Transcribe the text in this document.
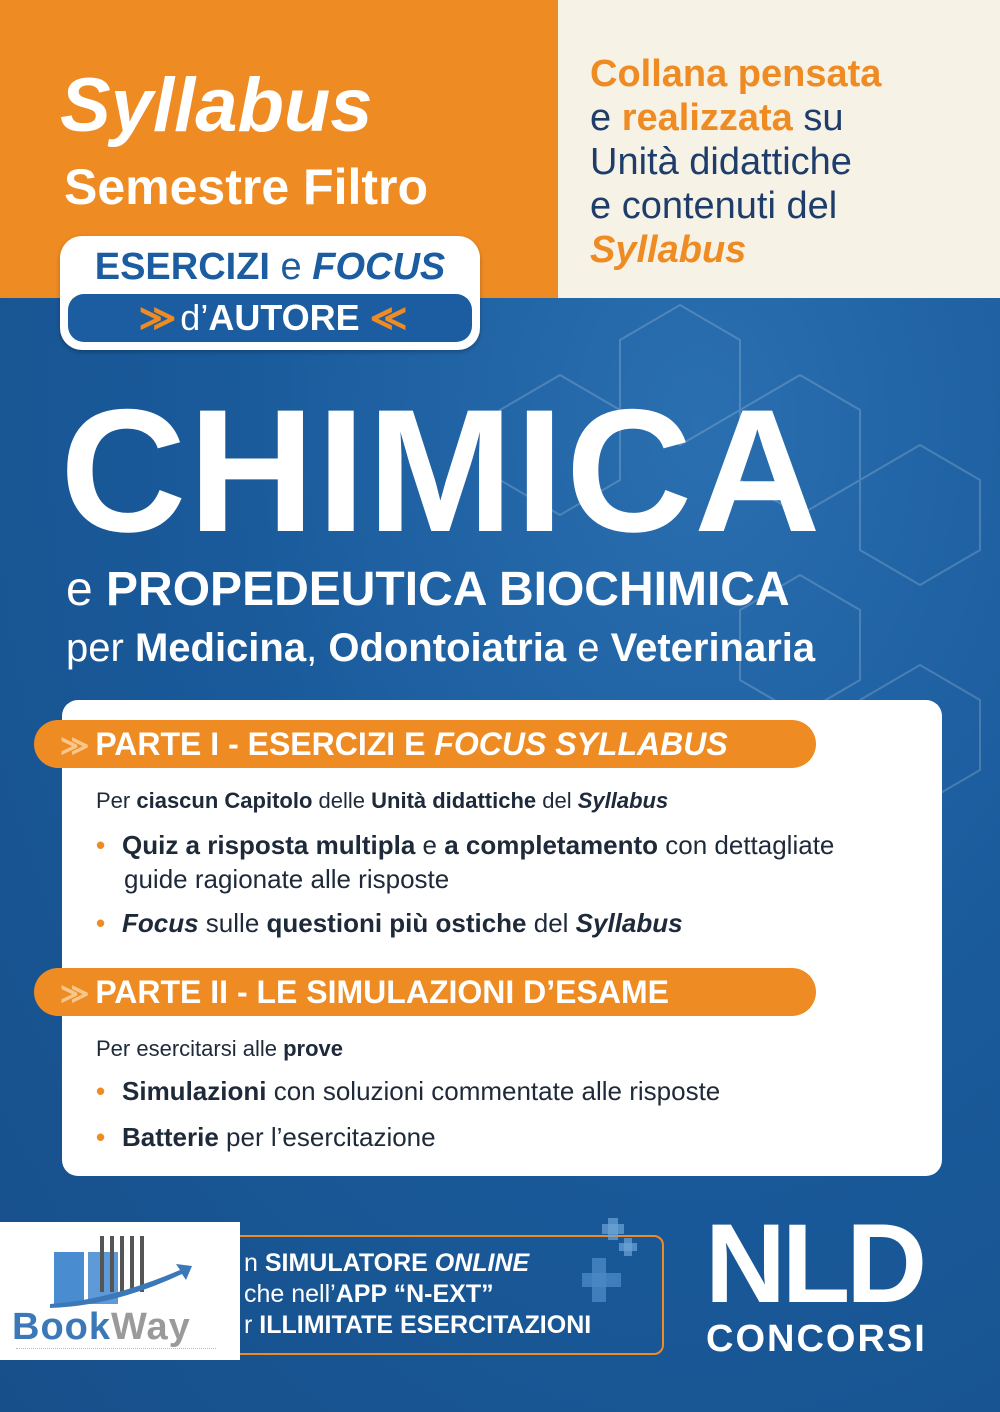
Syllabus
Semestre Filtro
ESERCIZI e FOCUS
≫ d’AUTORE ≪
Collana pensata
e realizzata su
Unità didattiche
e contenuti del
Syllabus
CHIMICA
e PROPEDEUTICA BIOCHIMICA
per Medicina, Odontoiatria e Veterinaria
≫ PARTE I - ESERCIZI E FOCUS SYLLABUS
Per ciascun Capitolo delle Unità didattiche del Syllabus
• Quiz a risposta multipla e a completamento con dettagliate
guide ragionate alle risposte
• Focus sulle questioni più ostiche del Syllabus
≫ PARTE II - LE SIMULAZIONI D’ESAME
Per esercitarsi alle prove
• Simulazioni con soluzioni commentate alle risposte
• Batterie per l’esercitazione
n SIMULATORE ONLINE
che nell’APP “N-EXT”
r ILLIMITATE ESERCITAZIONI NLD
CONCORSI
BookWay
